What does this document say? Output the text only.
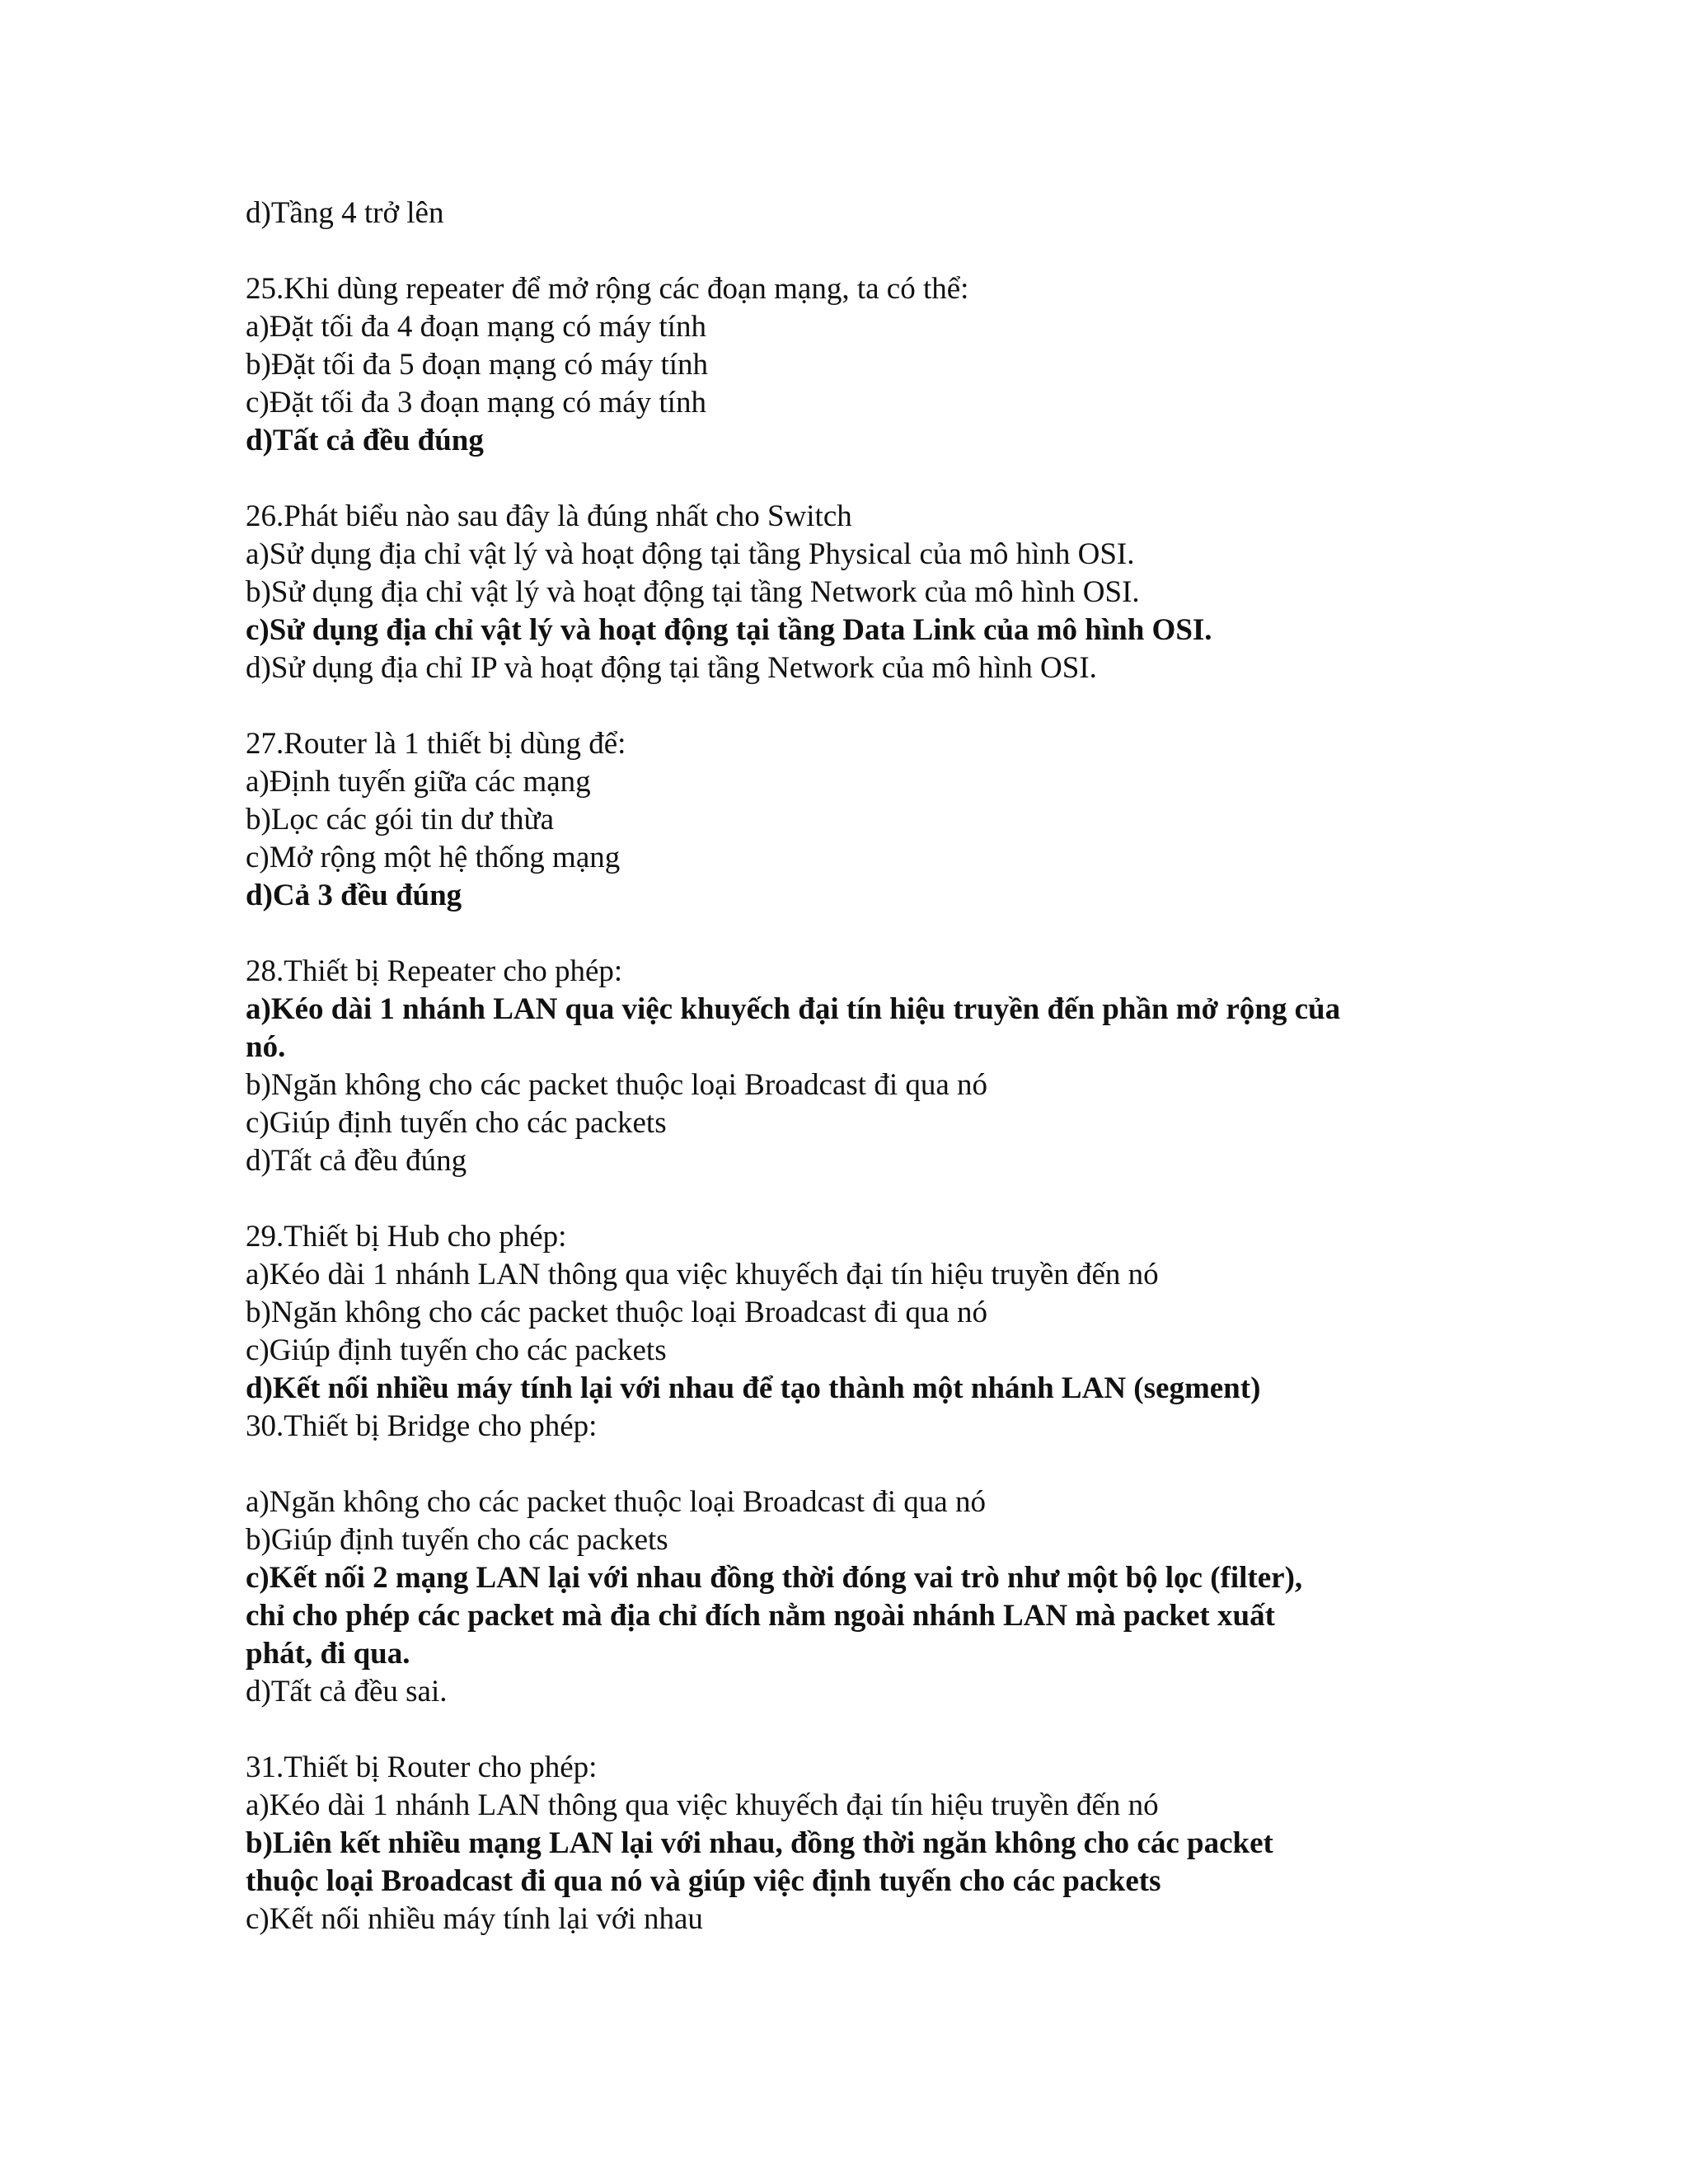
d)Tầng 4 trở lên
25.Khi dùng repeater để mở rộng các đoạn mạng, ta có thể:
a)Đặt tối đa 4 đoạn mạng có máy tính
b)Đặt tối đa 5 đoạn mạng có máy tính
c)Đặt tối đa 3 đoạn mạng có máy tính
d)Tất cả đều đúng
26.Phát biểu nào sau đây là đúng nhất cho Switch
a)Sử dụng địa chỉ vật lý và hoạt động tại tầng Physical của mô hình OSI.
b)Sử dụng địa chỉ vật lý và hoạt động tại tầng Network của mô hình OSI.
c)Sử dụng địa chỉ vật lý và hoạt động tại tầng Data Link của mô hình OSI.
d)Sử dụng địa chỉ IP và hoạt động tại tầng Network của mô hình OSI.
27.Router là 1 thiết bị dùng để:
a)Định tuyến giữa các mạng
b)Lọc các gói tin dư thừa
c)Mở rộng một hệ thống mạng
d)Cả 3 đều đúng
28.Thiết bị Repeater cho phép:
a)Kéo dài 1 nhánh LAN qua việc khuyếch đại tín hiệu truyền đến phần mở rộng của
nó.
b)Ngăn không cho các packet thuộc loại Broadcast đi qua nó
c)Giúp định tuyến cho các packets
d)Tất cả đều đúng
29.Thiết bị Hub cho phép:
a)Kéo dài 1 nhánh LAN thông qua việc khuyếch đại tín hiệu truyền đến nó
b)Ngăn không cho các packet thuộc loại Broadcast đi qua nó
c)Giúp định tuyến cho các packets
d)Kết nối nhiều máy tính lại với nhau để tạo thành một nhánh LAN (segment)
30.Thiết bị Bridge cho phép:
a)Ngăn không cho các packet thuộc loại Broadcast đi qua nó
b)Giúp định tuyến cho các packets
c)Kết nối 2 mạng LAN lại với nhau đồng thời đóng vai trò như một bộ lọc (filter),
chỉ cho phép các packet mà địa chỉ đích nằm ngoài nhánh LAN mà packet xuất
phát, đi qua.
d)Tất cả đều sai.
31.Thiết bị Router cho phép:
a)Kéo dài 1 nhánh LAN thông qua việc khuyếch đại tín hiệu truyền đến nó
b)Liên kết nhiều mạng LAN lại với nhau, đồng thời ngăn không cho các packet
thuộc loại Broadcast đi qua nó và giúp việc định tuyến cho các packets
c)Kết nối nhiều máy tính lại với nhau
